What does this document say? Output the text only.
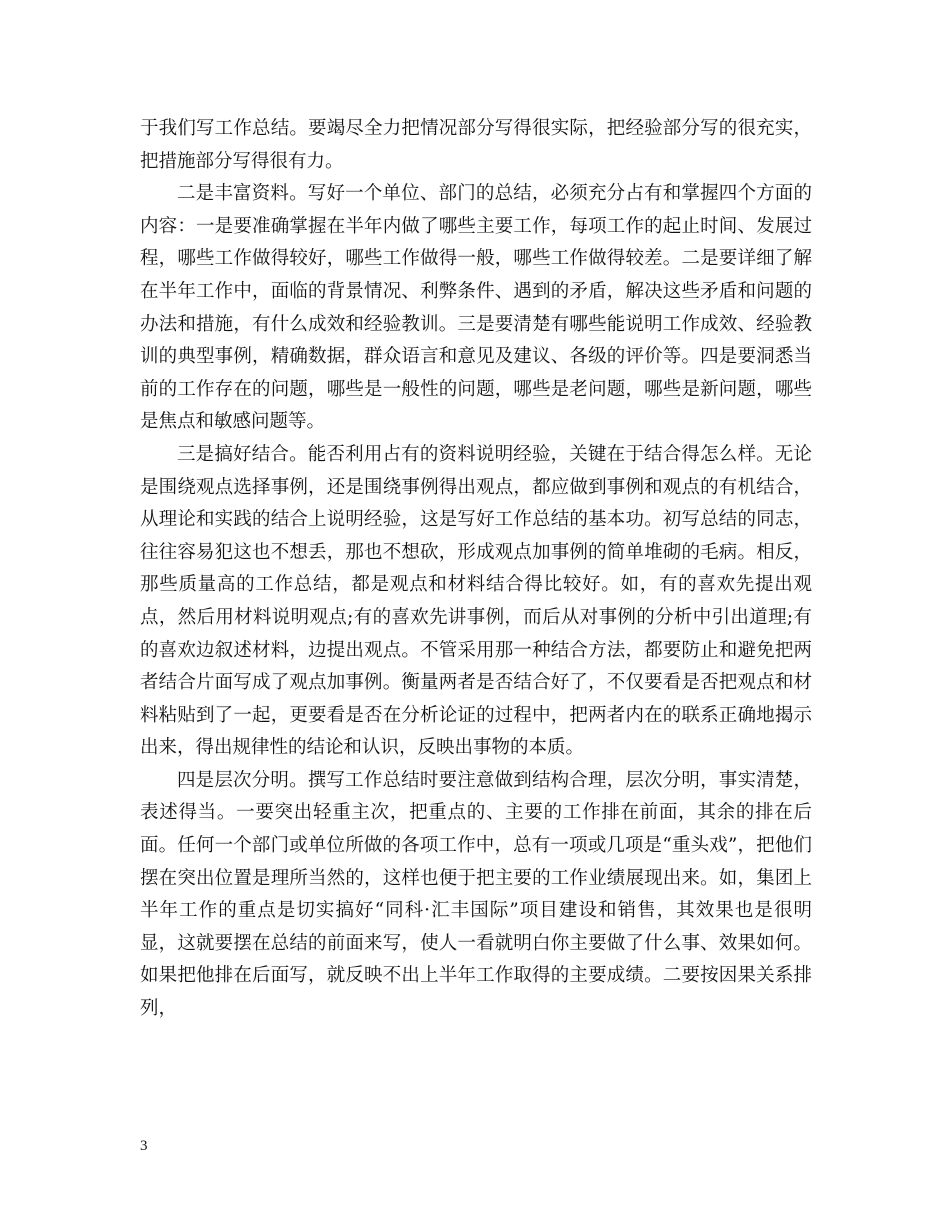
于我们写工作总结。要竭尽全力把情况部分写得很实际，把经验部分写的很充实，把措施部分写得很有力。

二是丰富资料。写好一个单位、部门的总结，必须充分占有和掌握四个方面的内容：一是要准确掌握在半年内做了哪些主要工作，每项工作的起止时间、发展过程，哪些工作做得较好，哪些工作做得一般，哪些工作做得较差。二是要详细了解在半年工作中，面临的背景情况、利弊条件、遇到的矛盾，解决这些矛盾和问题的办法和措施，有什么成效和经验教训。三是要清楚有哪些能说明工作成效、经验教训的典型事例，精确数据，群众语言和意见及建议、各级的评价等。四是要洞悉当前的工作存在的问题，哪些是一般性的问题，哪些是老问题，哪些是新问题，哪些是焦点和敏感问题等。

三是搞好结合。能否利用占有的资料说明经验，关键在于结合得怎么样。无论是围绕观点选择事例，还是围绕事例得出观点，都应做到事例和观点的有机结合，从理论和实践的结合上说明经验，这是写好工作总结的基本功。初写总结的同志，往往容易犯这也不想丢，那也不想砍，形成观点加事例的简单堆砌的毛病。相反，那些质量高的工作总结，都是观点和材料结合得比较好。如，有的喜欢先提出观点，然后用材料说明观点;有的喜欢先讲事例，而后从对事例的分析中引出道理;有的喜欢边叙述材料，边提出观点。不管采用那一种结合方法，都要防止和避免把两者结合片面写成了观点加事例。衡量两者是否结合好了，不仅要看是否把观点和材料粘贴到了一起，更要看是否在分析论证的过程中，把两者内在的联系正确地揭示出来，得出规律性的结论和认识，反映出事物的本质。

四是层次分明。撰写工作总结时要注意做到结构合理，层次分明，事实清楚，表述得当。一要突出轻重主次，把重点的、主要的工作排在前面，其余的排在后面。任何一个部门或单位所做的各项工作中，总有一项或几项是“重头戏”，把他们摆在突出位置是理所当然的，这样也便于把主要的工作业绩展现出来。如，集团上半年工作的重点是切实搞好“同科·汇丰国际”项目建设和销售，其效果也是很明显，这就要摆在总结的前面来写，使人一看就明白你主要做了什么事、效果如何。如果把他排在后面写，就反映不出上半年工作取得的主要成绩。二要按因果关系排列，

3
